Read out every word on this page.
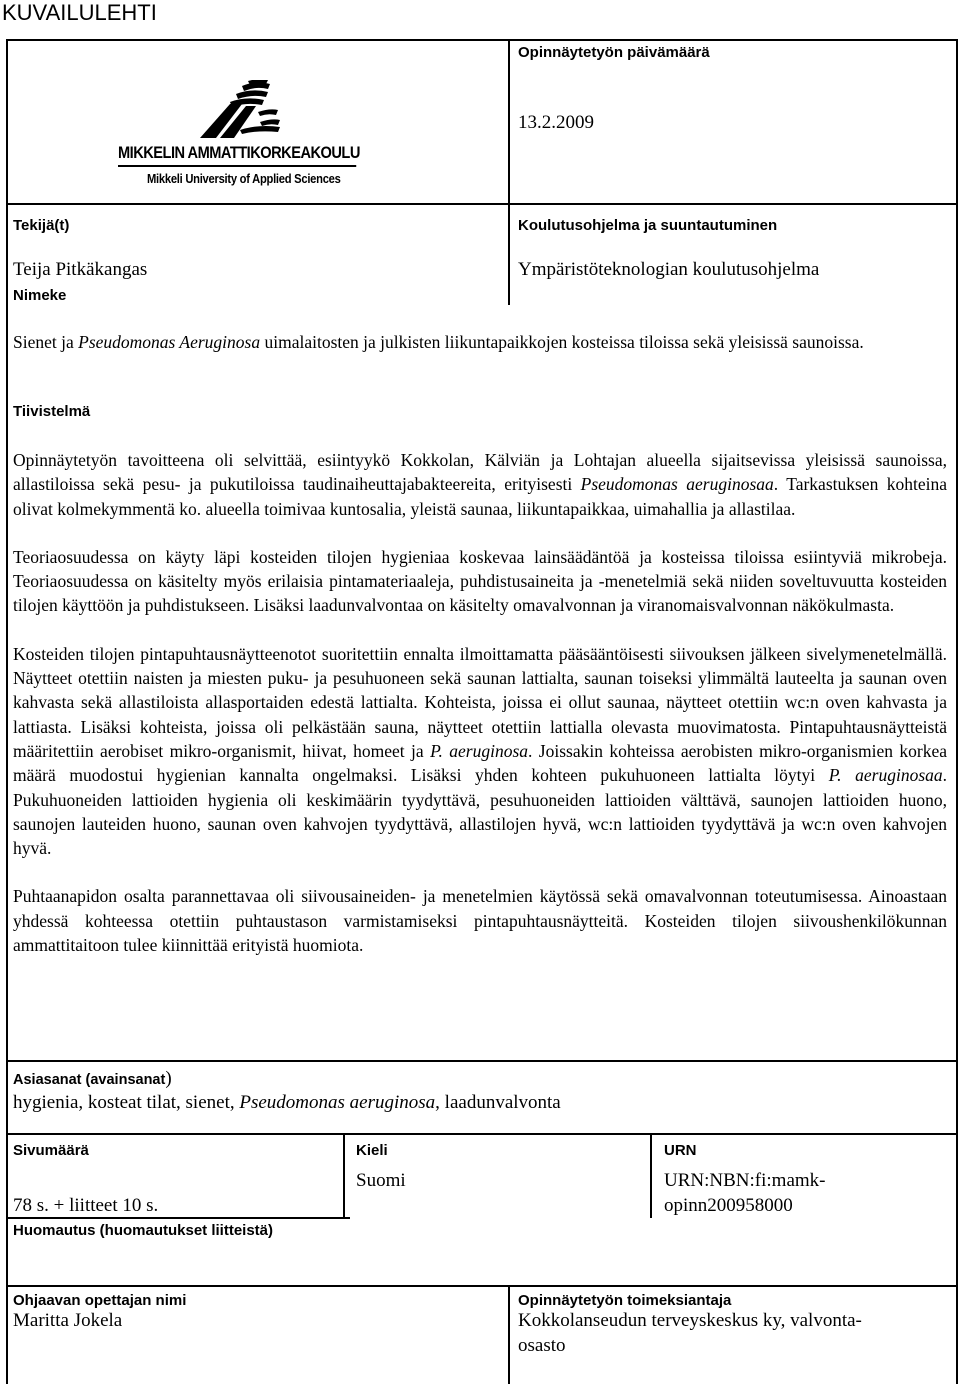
KUVAILULEHTI
MIKKELIN AMMATTIKORKEAKOULU
Mikkeli University of Applied Sciences
Opinnäytetyön päivämäärä
13.2.2009
Tekijä(t)
Teija Pitkäkangas
Koulutusohjelma ja suuntautuminen
Ympäristöteknologian koulutusohjelma
Nimeke
Sienet ja Pseudomonas Aeruginosa uimalaitosten ja julkisten liikuntapaikkojen kosteissa tiloissa sekä yleisissä saunoissa.
Tiivistelmä

Opinnäytetyön tavoitteena oli selvittää, esiintyykö Kokkolan, Kälviän ja Lohtajan alueella sijaitsevissa yleisissä saunoissa, allastiloissa sekä pesu- ja pukutiloissa taudinaiheuttajabakteereita, erityisesti Pseudomonas aeruginosaa. Tarkastuksen kohteina olivat kolmekymmentä ko. alueella toimivaa kuntosalia, yleistä saunaa, liikuntapaikkaa, uimahallia ja allastilaa.

Teoriaosuudessa on käyty läpi kosteiden tilojen hygieniaa koskevaa lainsäädäntöä ja kosteissa tiloissa esiintyviä mikrobeja. Teoriaosuudessa on käsitelty myös erilaisia pintamateriaaleja, puhdistusaineita ja -menetelmiä sekä niiden soveltuvuutta kosteiden tilojen käyttöön ja puhdistukseen. Lisäksi laadunvalvontaa on käsitelty omavalvonnan ja viranomaisvalvonnan näkökulmasta.

Kosteiden tilojen pintapuhtausnäytteenotot suoritettiin ennalta ilmoittamatta pääsääntöisesti siivouksen jälkeen sivelymenetelmällä. Näytteet otettiin naisten ja miesten puku- ja pesuhuoneen sekä saunan lattialta, saunan toiseksi ylimmältä lauteelta ja saunan oven kahvasta sekä allastiloista allasportaiden edestä lattialta. Kohteista, joissa ei ollut saunaa, näytteet otettiin wc:n oven kahvasta ja lattiasta. Lisäksi kohteista, joissa oli pelkästään sauna, näytteet otettiin lattialla olevasta muovimatosta. Pintapuhtausnäytteistä määritettiin aerobiset mikro-organismit, hiivat, homeet ja P. aeruginosa. Joissakin kohteissa aerobisten mikro-organismien korkea määrä muodostui hygienian kannalta ongelmaksi. Lisäksi yhden kohteen pukuhuoneen lattialta löytyi P. aeruginosaa. Pukuhuoneiden lattioiden hygienia oli keskimäärin tyydyttävä, pesuhuoneiden lattioiden välttävä, saunojen lattioiden huono, saunojen lauteiden huono, saunan oven kahvojen tyydyttävä, allastilojen hyvä, wc:n lattioiden tyydyttävä ja wc:n oven kahvojen hyvä.

Puhtaanapidon osalta parannettavaa oli siivousaineiden- ja menetelmien käytössä sekä omavalvonnan toteutumisessa. Ainoastaan yhdessä kohteessa otettiin puhtaustason varmistamiseksi pintapuhtausnäytteitä. Kosteiden tilojen siivoushenkilökunnan ammattitaitoon tulee kiinnittää erityistä huomiota.

Asiasanat (avainsanat)
hygienia, kosteat tilat, sienet, Pseudomonas aeruginosa, laadunvalvonta
Sivumäärä
78 s. + liitteet 10 s.
Kieli
Suomi
URN
URN:NBN:fi:mamk-
opinn200958000
Huomautus (huomautukset liitteistä)
Ohjaavan opettajan nimi
Maritta Jokela
Opinnäytetyön toimeksiantaja
Kokkolanseudun terveyskeskus ky, valvonta-
osasto
